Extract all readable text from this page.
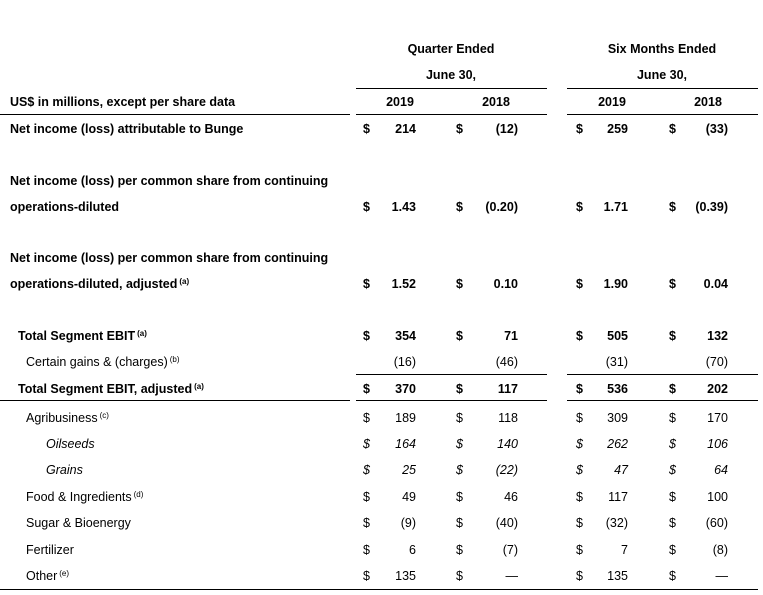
Quarter Ended
June 30,
Six Months Ended
June 30,
US$ in millions, except per share data	2019	2018	2019	2018
Net income (loss) attributable to Bunge	$	214	$	(12)	$	259	$	(33)
Net income (loss) per common share from continuing
operations-diluted	$	1.43	$	(0.20)	$	1.71	$	(0.39)
Net income (loss) per common share from continuing
operations-diluted, adjusted $^{(a)}$	$	1.52	$	0.10	$	1.90	$	0.04
Total Segment EBIT $^{(a)}$	$	354	$	71	$	505	$	132
Certain gains & (charges) $^{(b)}$	(16)	(46)	(31)	(70)
Total Segment EBIT, adjusted $^{(a)}$	$	370	$	117	$	536	$	202
Agribusiness $^{(c)}$	$	189	$	118	$	309	$	170
Oilseeds	$	164	$	140	$	262	$	106
Grains	$	25	$	(22)	$	47	$	64
Food & Ingredients $^{(d)}$	$	49	$	46	$	117	$	100
Sugar & Bioenergy	$	(9)	$	(40)	$	(32)	$	(60)
Fertilizer	$	6	$	(7)	$	7	$	(8)
Other $^{(e)}$	$	135	$	—	$	135	$	—
